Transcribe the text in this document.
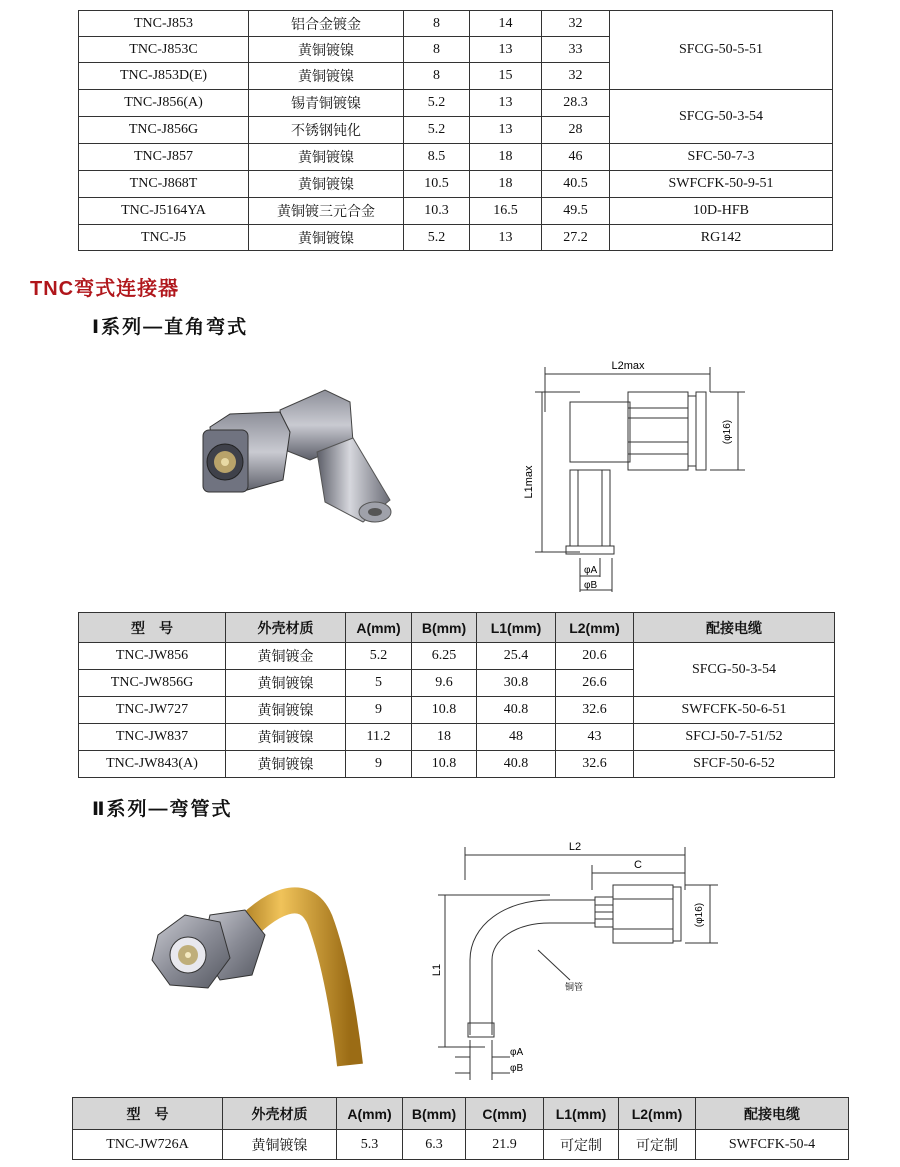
TNC-J853	铝合金镀金	8	14	32	SFCG-50-5-51
TNC-J853C	黄铜镀镍	8	13	33	
TNC-J853D(E)	黄铜镀镍	8	15	32	
TNC-J856(A)	锡青铜镀镍	5.2	13	28.3	SFCG-50-3-54
TNC-J856G	不锈钢钝化	5.2	13	28	
TNC-J857	黄铜镀镍	8.5	18	46	SFC-50-7-3
TNC-J868T	黄铜镀镍	10.5	18	40.5	SWFCFK-50-9-51
TNC-J5164YA	黄铜镀三元合金	10.3	16.5	49.5	10D-HFB
TNC-J5	黄铜镀镍	5.2	13	27.2	RG142
TNC弯式连接器
Ⅰ系列—直角弯式
L2max
L1max
(φ16)
φA
φB
型　号	外壳材质	A(mm)	B(mm)	L1(mm)	L2(mm)	配接电缆
TNC-JW856	黄铜镀金	5.2	6.25	25.4	20.6	SFCG-50-3-54
TNC-JW856G	黄铜镀镍	5	9.6	30.8	26.6	
TNC-JW727	黄铜镀镍	9	10.8	40.8	32.6	SWFCFK-50-6-51
TNC-JW837	黄铜镀镍	11.2	18	48	43	SFCJ-50-7-51/52
TNC-JW843(A)	黄铜镀镍	9	10.8	40.8	32.6	SFCF-50-6-52
Ⅱ系列—弯管式
L2
C
L1
(φ16)
铜管
φA
φB
型　号	外壳材质	A(mm)	B(mm)	C(mm)	L1(mm)	L2(mm)	配接电缆
TNC-JW726A	黄铜镀镍	5.3	6.3	21.9	可定制	可定制	SWFCFK-50-4
